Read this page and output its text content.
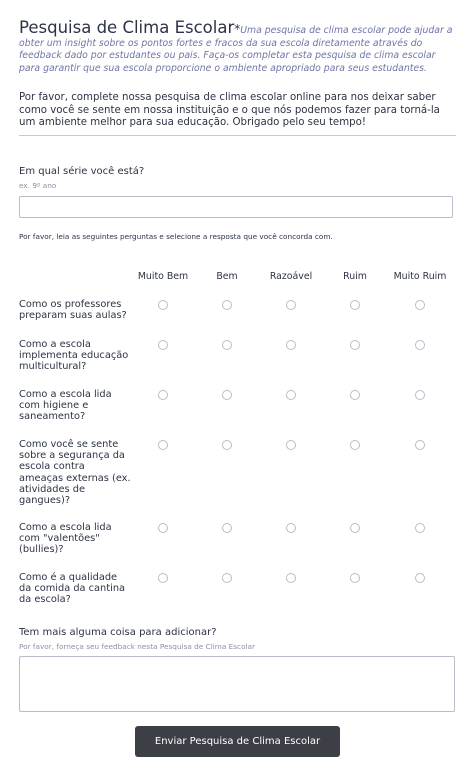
Pesquisa de Clima Escolar*Uma pesquisa de clima escolar pode ajudar a obter um insight sobre os pontos fortes e fracos da sua escola diretamente através do feedback dado por estudantes ou pais. Faça-os completar esta pesquisa de clima escolar para garantir que sua escola proporcione o ambiente apropriado para seus estudantes.
Por favor, complete nossa pesquisa de clima escolar online para nos deixar saber como você se sente em nossa instituição e o que nós podemos fazer para torná-la um ambiente melhor para sua educação. Obrigado pelo seu tempo!
Em qual série você está?
ex. 9º ano
Por favor, leia as seguintes perguntas e selecione a resposta que você concorda com.
Muito Bem	Bem	Razoável	Ruim	Muito Ruim
Como os professores preparam suas aulas?
Como a escola implementa educação multicultural?
Como a escola lida com higiene e saneamento?
Como você se sente sobre a segurança da escola contra ameaças externas (ex. atividades de gangues)?
Como a escola lida com "valentões" (bullies)?
Como é a qualidade da comida da cantina da escola?
Tem mais alguma coisa para adicionar?
Por favor, forneça seu feedback nesta Pesquisa de Clima Escolar
Enviar Pesquisa de Clima Escolar
